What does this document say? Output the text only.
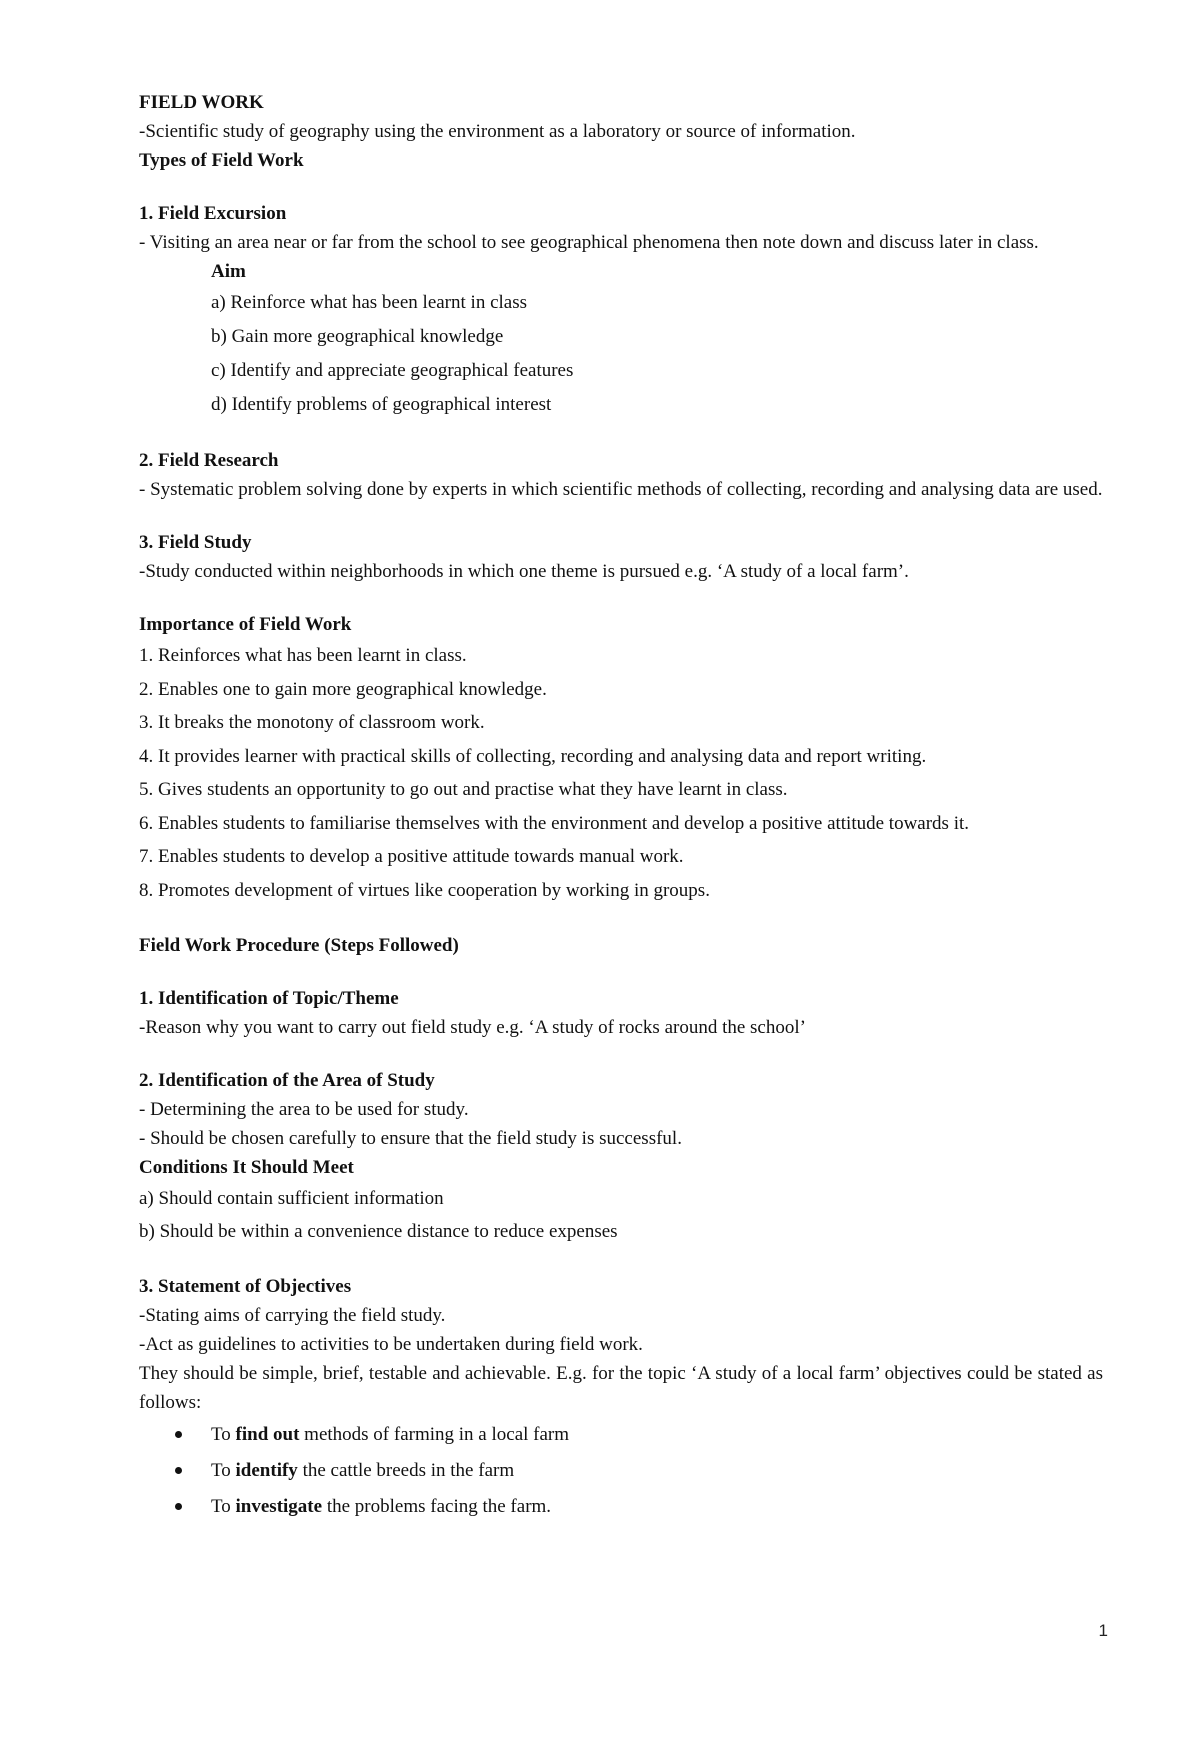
FIELD WORK
-Scientific study of geography using the environment as a laboratory or source of information.
Types of Field Work
1. Field Excursion
- Visiting an area near or far from the school to see geographical phenomena then note down and discuss later in class.
Aim
a) Reinforce what has been learnt in class
b) Gain more geographical knowledge
c) Identify and appreciate geographical features
d) Identify problems of geographical interest
2. Field Research
- Systematic problem solving done by experts in which scientific methods of collecting, recording and analysing data are used.
3. Field Study
-Study conducted within neighborhoods in which one theme is pursued e.g. ‘A study of a local farm’.
Importance of Field Work
1. Reinforces what has been learnt in class.
2. Enables one to gain more geographical knowledge.
3. It breaks the monotony of classroom work.
4. It provides learner with practical skills of collecting, recording and analysing data and report writing.
5. Gives students an opportunity to go out and practise what they have learnt in class.
6. Enables students to familiarise themselves with the environment and develop a positive attitude towards it.
7. Enables students to develop a positive attitude towards manual work.
8. Promotes development of virtues like cooperation by working in groups.
Field Work Procedure (Steps Followed)
1. Identification of Topic/Theme
-Reason why you want to carry out field study e.g. ‘A study of rocks around the school’
2. Identification of the Area of Study
- Determining the area to be used for study.
- Should be chosen carefully to ensure that the field study is successful.
Conditions It Should Meet
a) Should contain sufficient information
b) Should be within a convenience distance to reduce expenses
3. Statement of Objectives
-Stating aims of carrying the field study.
-Act as guidelines to activities to be undertaken during field work.
They should be simple, brief, testable and achievable. E.g. for the topic ‘A study of a local farm’ objectives could be stated as follows:
To find out methods of farming in a local farm
To identify the cattle breeds in the farm
To investigate the problems facing the farm.
1
